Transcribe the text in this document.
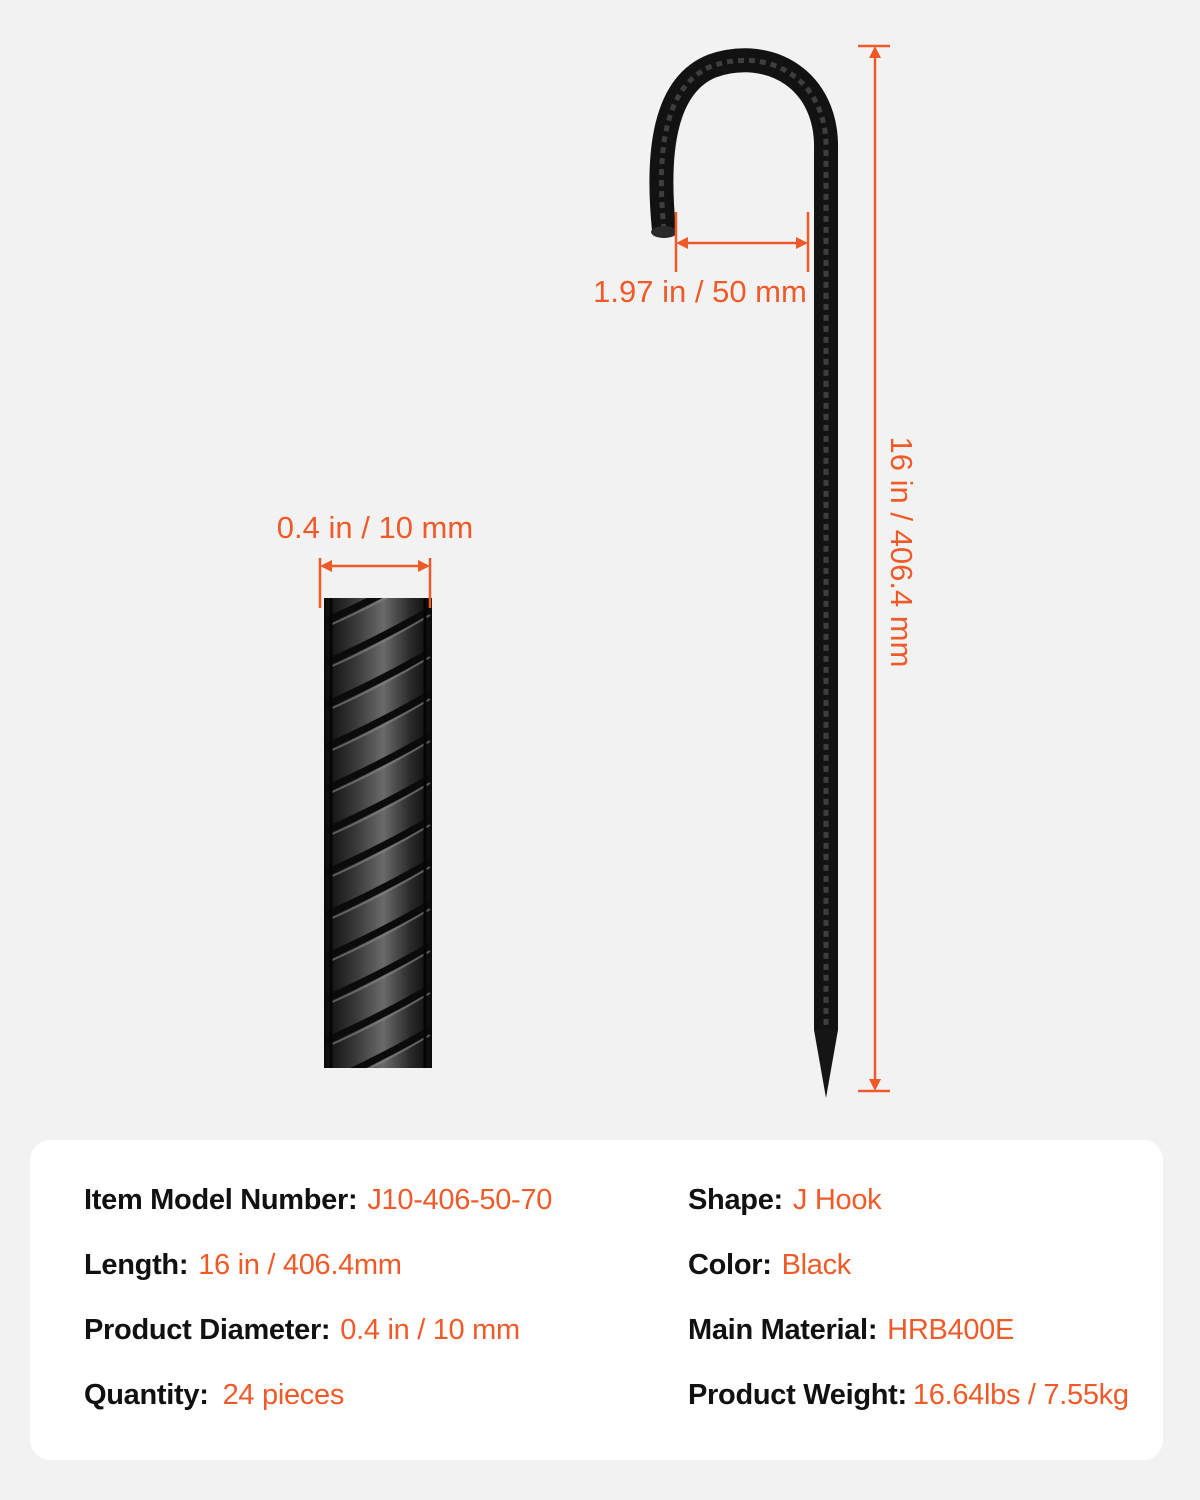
0.4 in / 10 mm
1.97 in / 50 mm
16 in / 406.4 mm
Item Model Number: J10-406-50-70
Length: 16 in / 406.4mm
Product Diameter: 0.4 in / 10 mm
Quantity: 24 pieces
Shape: J Hook
Color: Black
Main Material: HRB400E
Product Weight: 16.64lbs / 7.55kg
